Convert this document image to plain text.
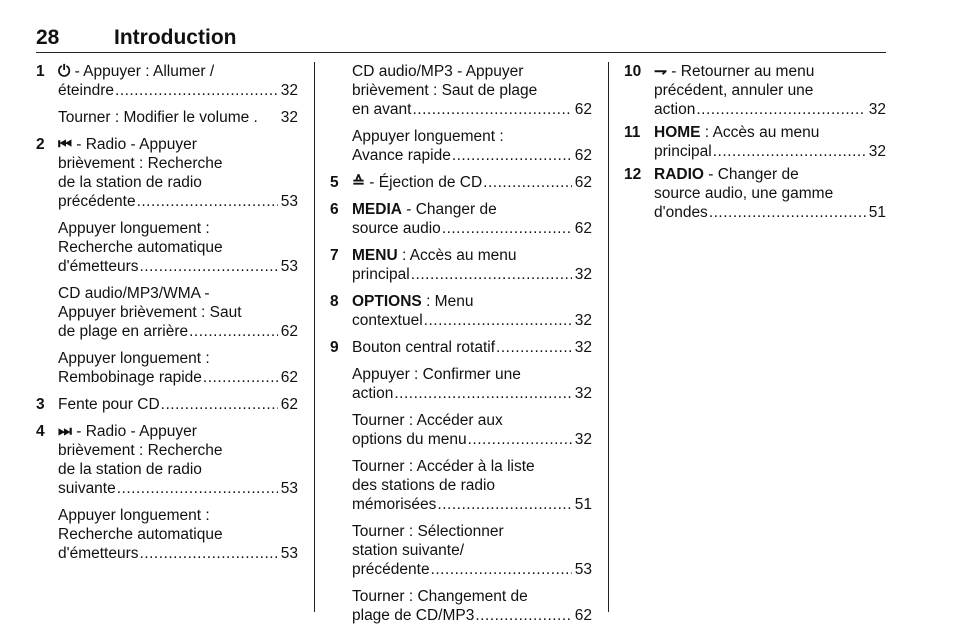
28	Introduction
1 ⏻ - Appuyer : Allumer /
éteindre .....	32
Tourner : Modifier le volume . 32
2 ⏮ - Radio - Appuyer
brièvement : Recherche
de la station de radio
précédente .....	53
Appuyer longuement :
Recherche automatique
d'émetteurs .....	53
CD audio/MP3/WMA -
Appuyer brièvement : Saut
de plage en arrière .....	62
Appuyer longuement :
Rembobinage rapide .....	62
3 Fente pour CD .....	62
4 ⏭ - Radio - Appuyer
brièvement : Recherche
de la station de radio
suivante .....	53
Appuyer longuement :
Recherche automatique
d'émetteurs .....	53
CD audio/MP3 - Appuyer
brièvement : Saut de plage
en avant .....	62
Appuyer longuement :
Avance rapide .....	62
5 ≙ - Éjection de CD .....	62
6 MEDIA - Changer de
source audio .....	62
7 MENU : Accès au menu
principal .....	32
8 OPTIONS : Menu
contextuel .....	32
9 Bouton central rotatif .....	32
Appuyer : Confirmer une
action .....	32
Tourner : Accéder aux
options du menu .....	32
Tourner : Accéder à la liste
des stations de radio
mémorisées .....	51
Tourner : Sélectionner
station suivante/
précédente .....	53
Tourner : Changement de
plage de CD/MP3 .....	62
10 ⇁ - Retourner au menu
précédent, annuler une
action .....	32
11 HOME : Accès au menu
principal .....	32
12 RADIO - Changer de
source audio, une gamme
d'ondes .....	51
